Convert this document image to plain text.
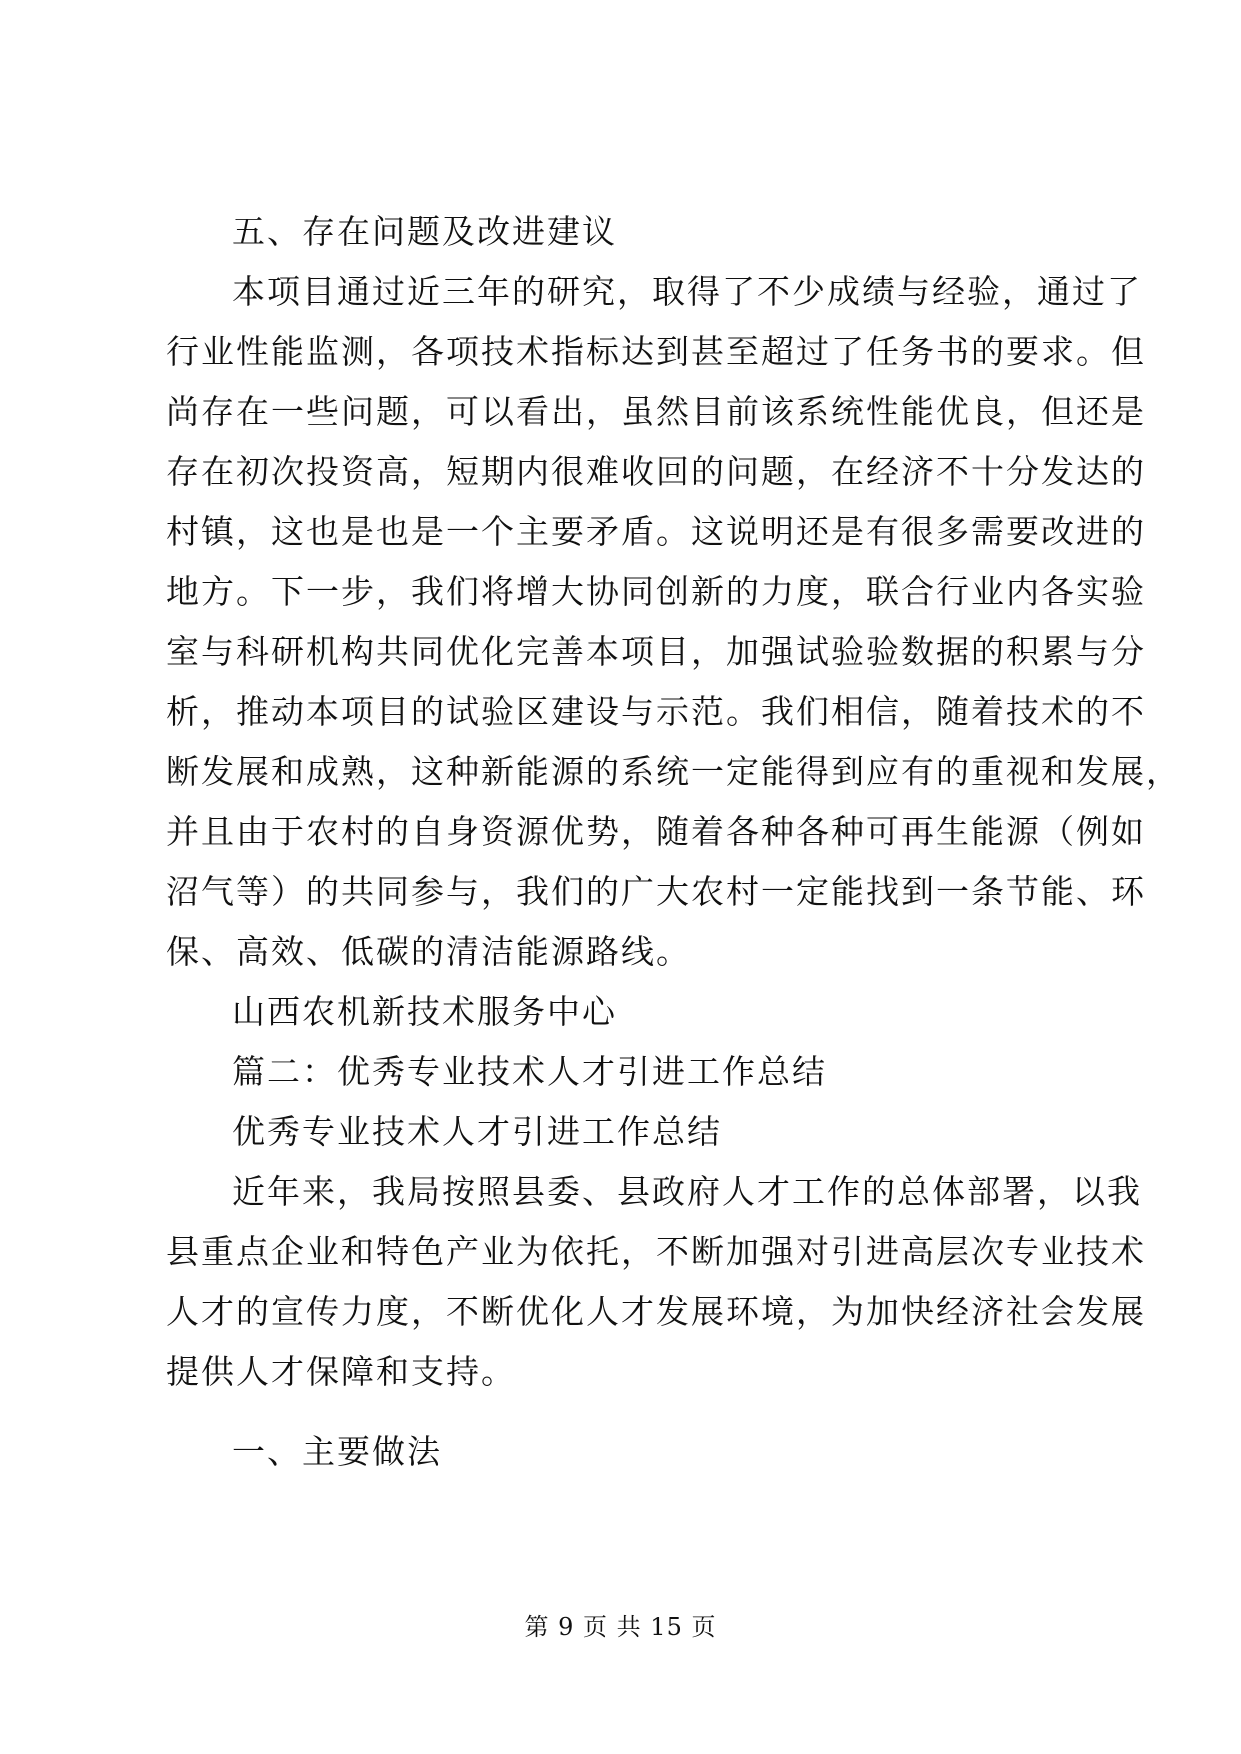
五、存在问题及改进建议
本项目通过近三年的研究，取得了不少成绩与经验，通过了
行业性能监测，各项技术指标达到甚至超过了任务书的要求。但
尚存在一些问题，可以看出，虽然目前该系统性能优良，但还是
存在初次投资高，短期内很难收回的问题，在经济不十分发达的
村镇，这也是也是一个主要矛盾。这说明还是有很多需要改进的
地方。下一步，我们将增大协同创新的力度，联合行业内各实验
室与科研机构共同优化完善本项目，加强试验验数据的积累与分
析，推动本项目的试验区建设与示范。我们相信，随着技术的不
断发展和成熟，这种新能源的系统一定能得到应有的重视和发展，
并且由于农村的自身资源优势，随着各种各种可再生能源（例如
沼气等）的共同参与，我们的广大农村一定能找到一条节能、环
保、高效、低碳的清洁能源路线。
山西农机新技术服务中心
篇二：优秀专业技术人才引进工作总结
优秀专业技术人才引进工作总结
近年来，我局按照县委、县政府人才工作的总体部署，以我
县重点企业和特色产业为依托，不断加强对引进高层次专业技术
人才的宣传力度，不断优化人才发展环境，为加快经济社会发展
提供人才保障和支持。
一、主要做法
第 9 页 共 15 页
